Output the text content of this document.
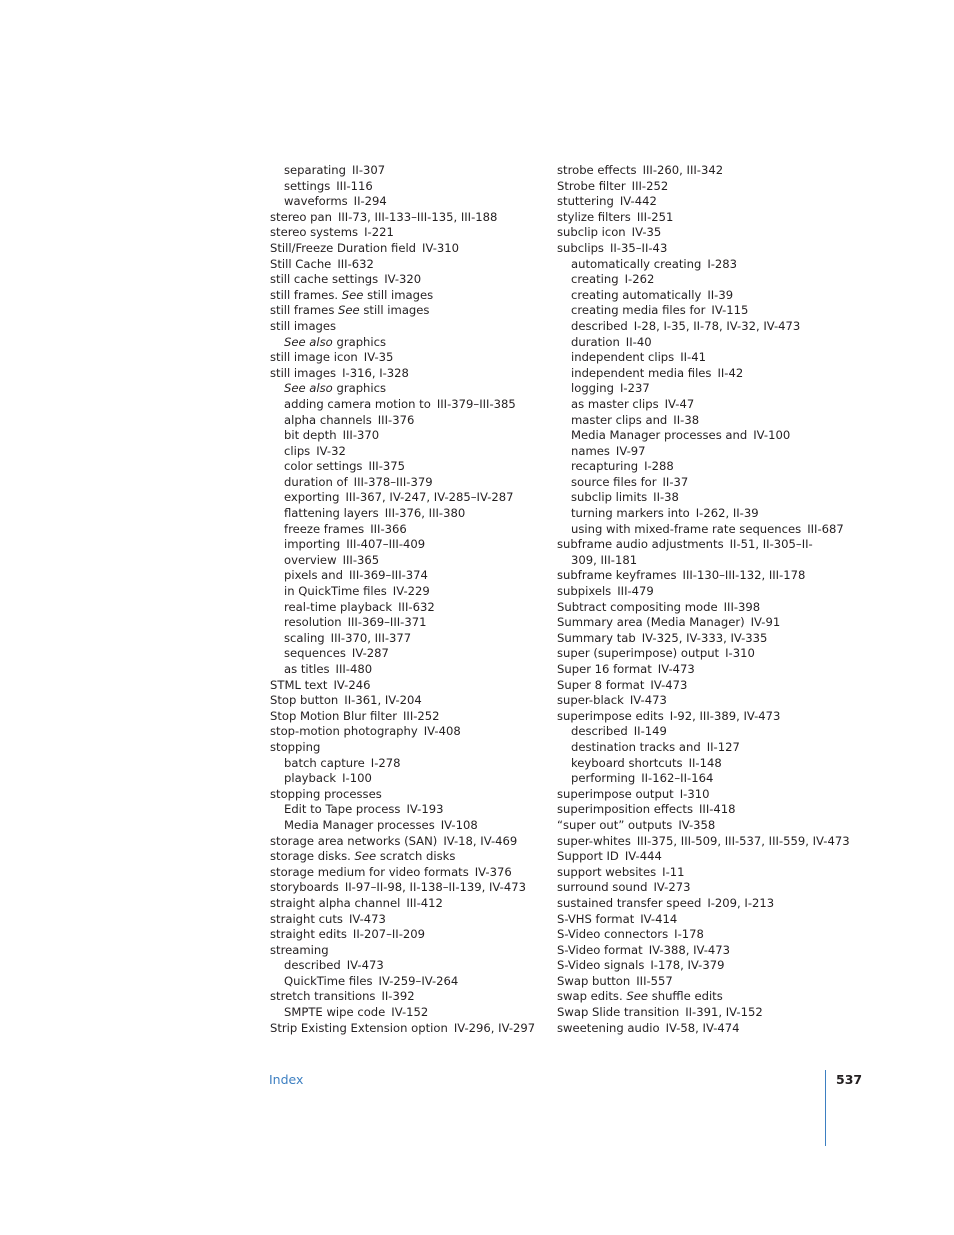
separating II-307
settings III-116
waveforms II-294
stereo pan III-73, III-133–III-135, III-188
stereo systems I-221
Still/Freeze Duration field IV-310
Still Cache III-632
still cache settings IV-320
still frames. See still images
still frames See still images
still images
See also graphics
still image icon IV-35
still images I-316, I-328
See also graphics
adding camera motion to III-379–III-385
alpha channels III-376
bit depth III-370
clips IV-32
color settings III-375
duration of III-378–III-379
exporting III-367, IV-247, IV-285–IV-287
flattening layers III-376, III-380
freeze frames III-366
importing III-407–III-409
overview III-365
pixels and III-369–III-374
in QuickTime files IV-229
real-time playback III-632
resolution III-369–III-371
scaling III-370, III-377
sequences IV-287
as titles III-480
STML text IV-246
Stop button II-361, IV-204
Stop Motion Blur filter III-252
stop-motion photography IV-408
stopping
batch capture I-278
playback I-100
stopping processes
Edit to Tape process IV-193
Media Manager processes IV-108
storage area networks (SAN) IV-18, IV-469
storage disks. See scratch disks
storage medium for video formats IV-376
storyboards II-97–II-98, II-138–II-139, IV-473
straight alpha channel III-412
straight cuts IV-473
straight edits II-207–II-209
streaming
described IV-473
QuickTime files IV-259–IV-264
stretch transitions II-392
SMPTE wipe code IV-152
Strip Existing Extension option IV-296, IV-297
strobe effects III-260, III-342
Strobe filter III-252
stuttering IV-442
stylize filters III-251
subclip icon IV-35
subclips II-35–II-43
automatically creating I-283
creating I-262
creating automatically II-39
creating media files for IV-115
described I-28, I-35, II-78, IV-32, IV-473
duration II-40
independent clips II-41
independent media files II-42
logging I-237
as master clips IV-47
master clips and II-38
Media Manager processes and IV-100
names IV-97
recapturing I-288
source files for II-37
subclip limits II-38
turning markers into I-262, II-39
using with mixed-frame rate sequences III-687
subframe audio adjustments II-51, II-305–II-309, III-181
subframe keyframes III-130–III-132, III-178
subpixels III-479
Subtract compositing mode III-398
Summary area (Media Manager) IV-91
Summary tab IV-325, IV-333, IV-335
super (superimpose) output I-310
Super 16 format IV-473
Super 8 format IV-473
super-black IV-473
superimpose edits I-92, III-389, IV-473
described II-149
destination tracks and II-127
keyboard shortcuts II-148
performing II-162–II-164
superimpose output I-310
superimposition effects III-418
“super out” outputs IV-358
super-whites III-375, III-509, III-537, III-559, IV-473
Support ID IV-444
support websites I-11
surround sound IV-273
sustained transfer speed I-209, I-213
S-VHS format IV-414
S-Video connectors I-178
S-Video format IV-388, IV-473
S-Video signals I-178, IV-379
Swap button III-557
swap edits. See shuffle edits
Swap Slide transition II-391, IV-152
sweetening audio IV-58, IV-474
Index	537
